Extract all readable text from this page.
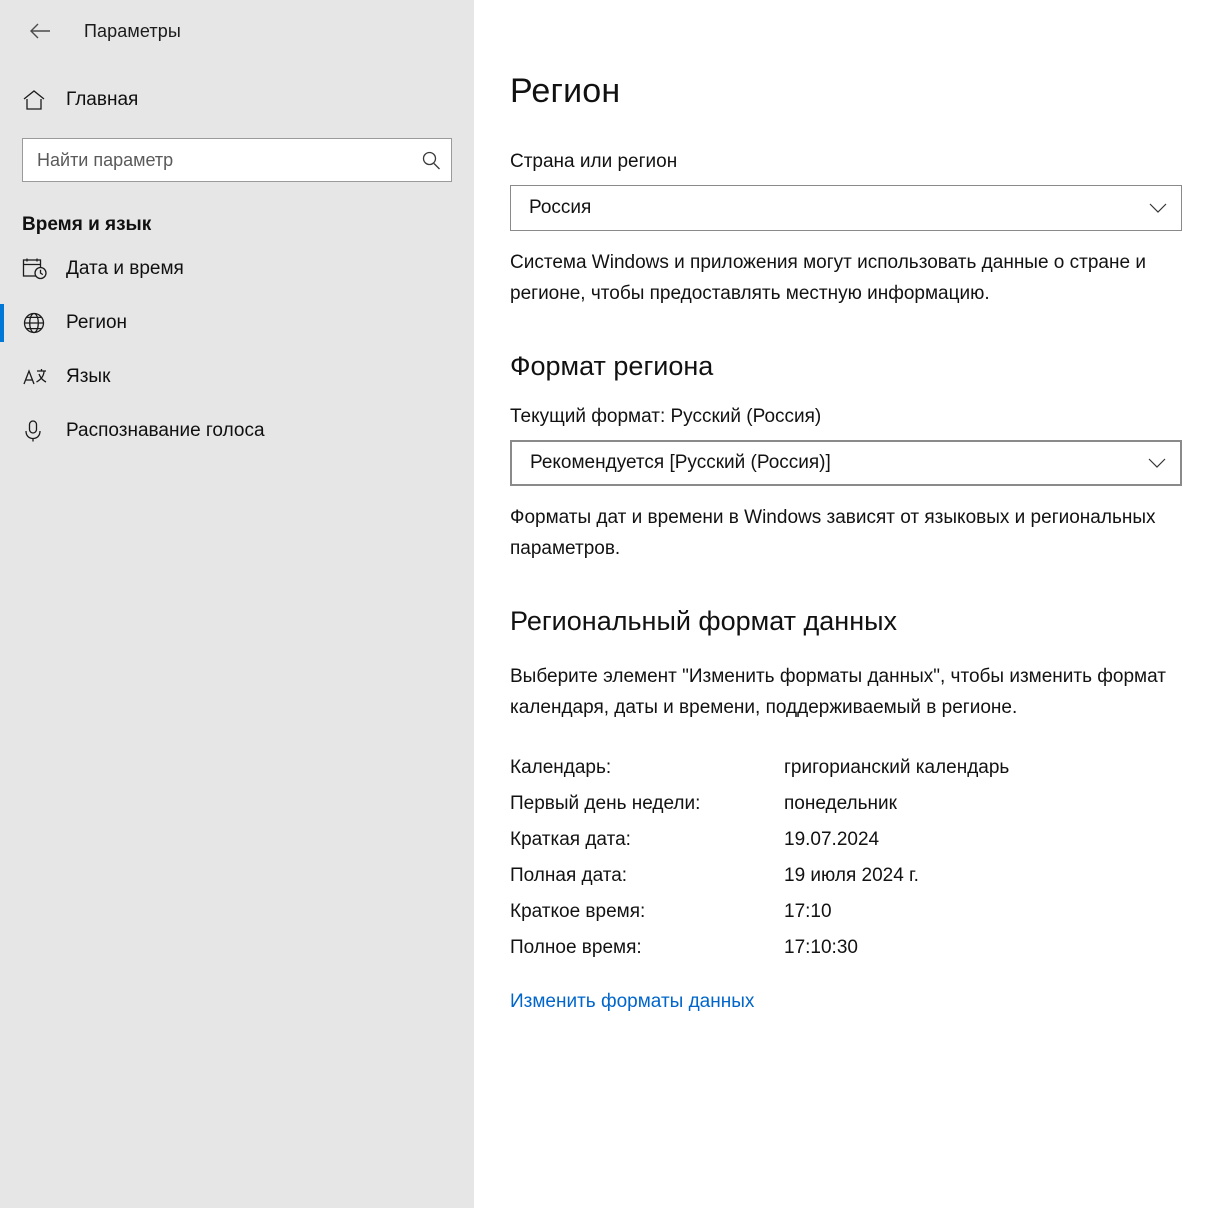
Параметры
Главная
Найти параметр
Время и язык
Дата и время
Регион
Язык
Распознавание голоса
Регион
Страна или регион
Россия
Система Windows и приложения могут использовать данные о стране и регионе, чтобы предоставлять местную информацию.
Формат региона
Текущий формат: Русский (Россия)
Рекомендуется [Русский (Россия)]
Форматы дат и времени в Windows зависят от языковых и региональных параметров.
Региональный формат данных
Выберите элемент "Изменить форматы данных", чтобы изменить формат календаря, даты и времени, поддерживаемый в регионе.
Календарь:	григорианский календарь
Первый день недели:	понедельник
Краткая дата:	19.07.2024
Полная дата:	19 июля 2024 г.
Краткое время:	17:10
Полное время:	17:10:30
Изменить форматы данных
